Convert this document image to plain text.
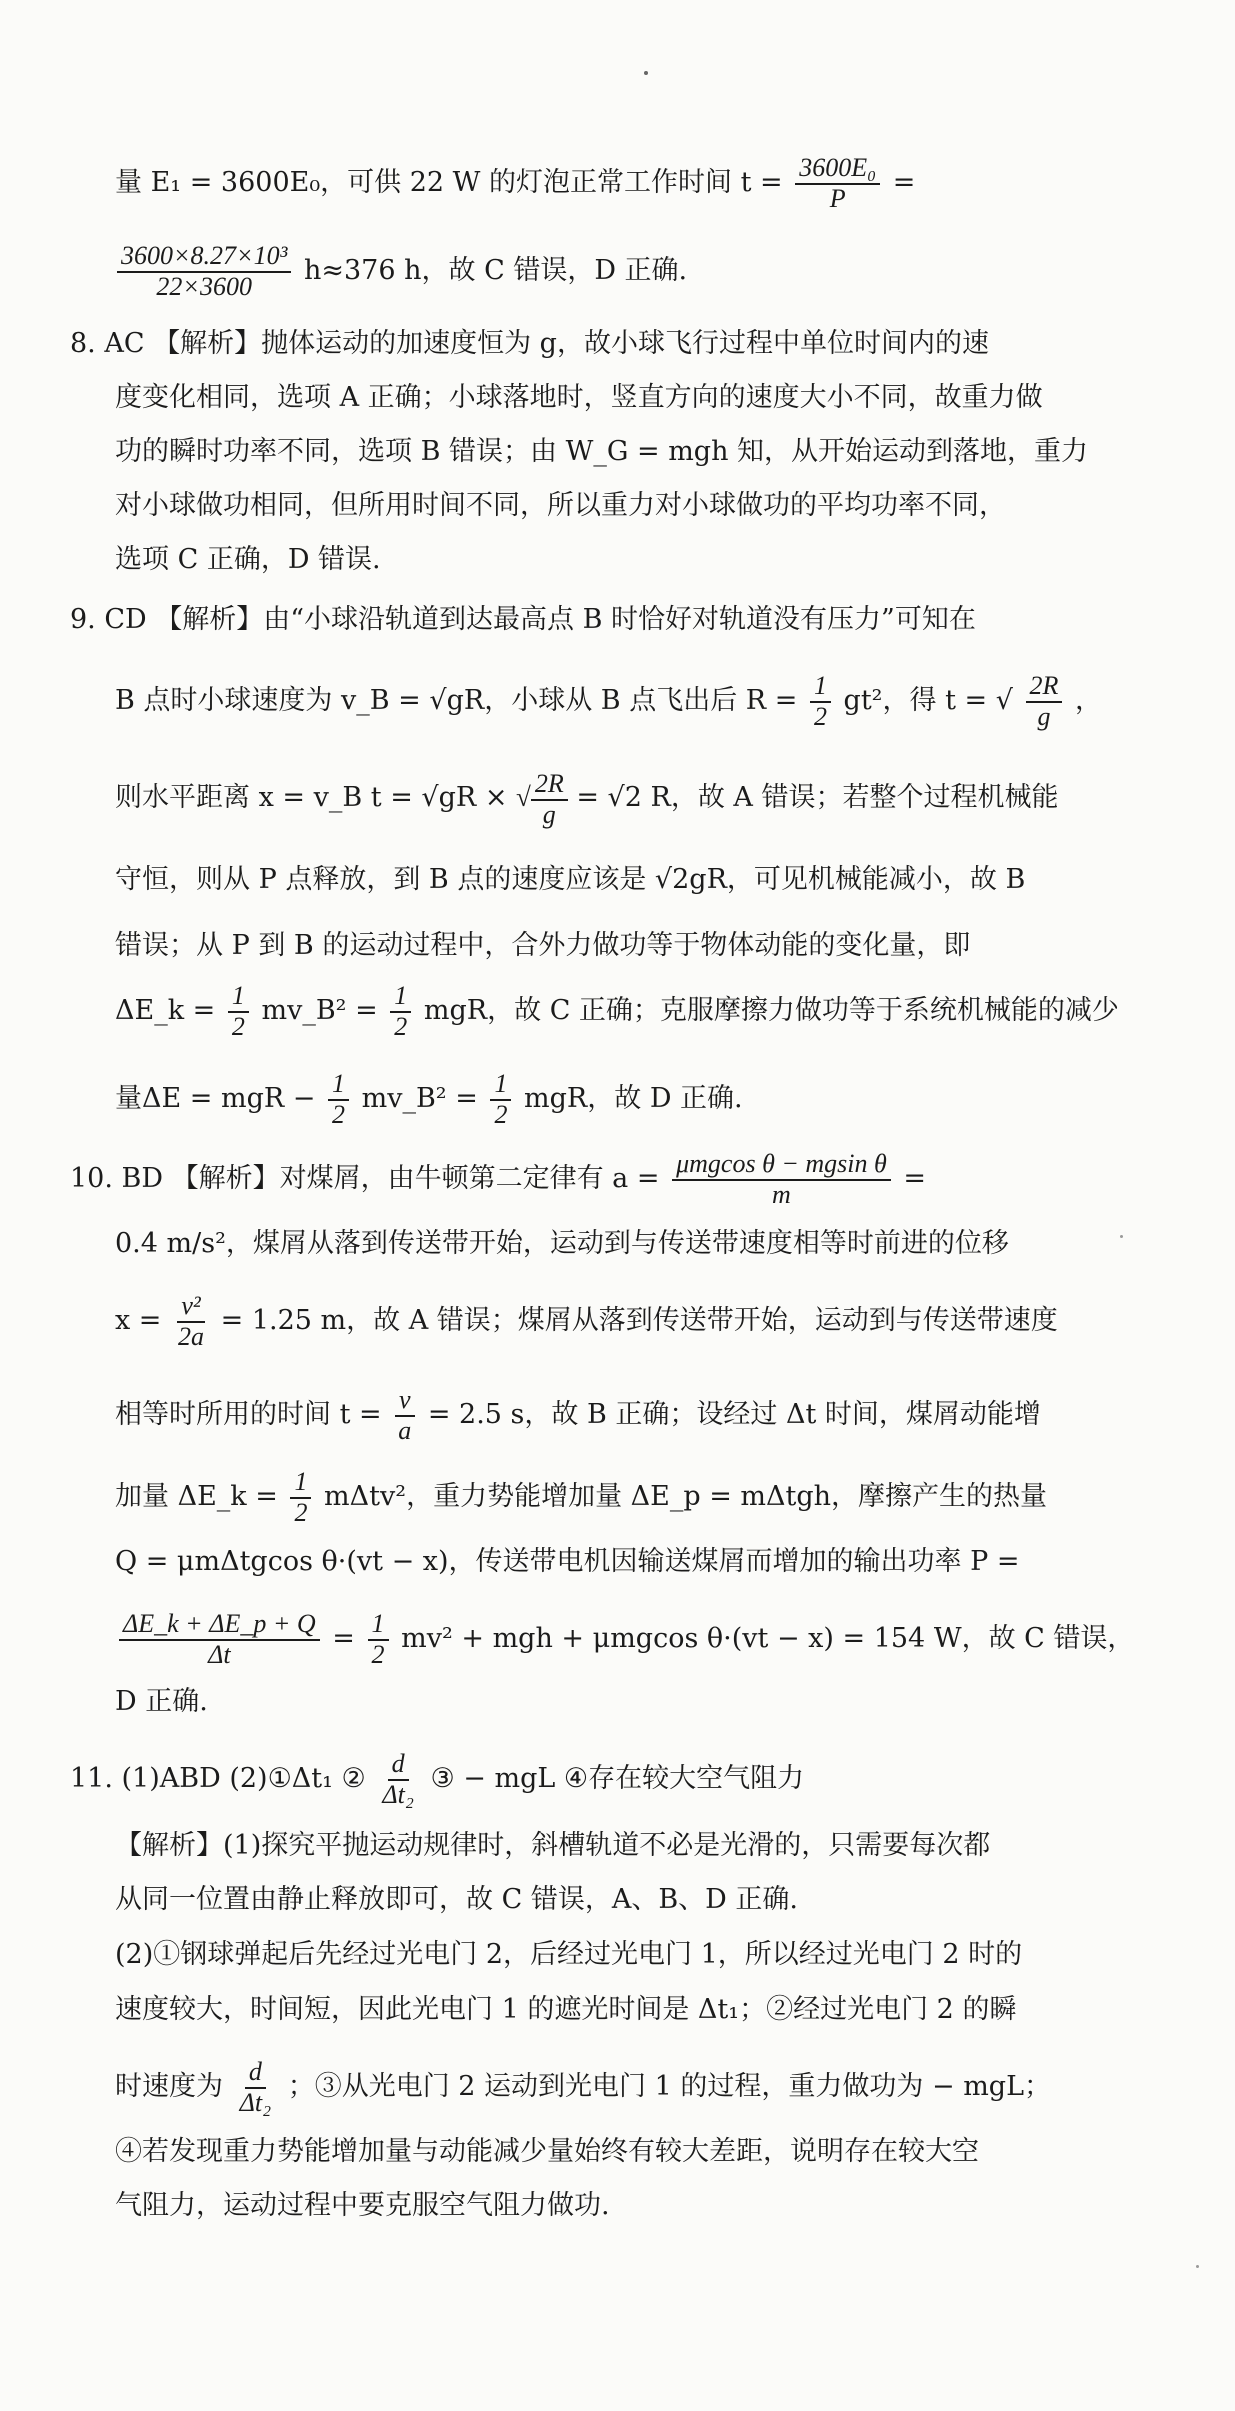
量 E₁ = 3600E₀，可供 22 W 的灯泡正常工作时间 $t = \frac{\text{3600E₀}}{P}$ =
$\frac{\text{3600×8.27×10³}}{22\times 3600} h\approx 376$ h，故 C 错误，D 正确.
8. AC 【解析】抛体运动的加速度恒为 g，故小球飞行过程中单位时间内的速
度变化相同，选项 A 正确；小球落地时，竖直方向的速度大小不同，故重力做
功的瞬时功率不同，选项 B 错误；由 W_G = mgh 知，从开始运动到落地，重力
对小球做功相同，但所用时间不同，所以重力对小球做功的平均功率不同，
选项 C 正确，D 错误.
9. CD 【解析】由“小球沿轨道到达最高点 B 时恰好对轨道没有压力”可知在
B 点时小球速度为 v_B = √gR，小球从 B 点飞出后 $R = \frac{1}{2} gt^2$，得 t = √ $\frac{2R}{g}$ ，
则水平距离 x = v_B t = √gR × √ $\frac{2R}{g} = √2$ R，故 A 错误；若整个过程机械能
守恒，则从 P 点释放，到 B 点的速度应该是 √2gR，可见机械能减小，故 B
错误；从 P 到 B 的运动过程中，合外力做功等于物体动能的变化量，即
ΔE_k = $\frac{1}{2}$ mv_B² = $\frac{1}{2}$ mgR，故 C 正确；克服摩擦力做功等于系统机械能的减少
量ΔE = mgR − $\frac{1}{2}$ mv_B² = $\frac{1}{2}$ mgR，故 D 正确.
10. BD 【解析】对煤屑，由牛顿第二定律有 $a = \frac{\text{μmgcos θ − mgsin θ}}{m}$ =
0.4 m/s²，煤屑从落到传送带开始，运动到与传送带速度相等时前进的位移
$x = \frac{\text{v²}}{2a} = 1.25$ m，故 A 错误；煤屑从落到传送带开始，运动到与传送带速度
相等时所用的时间 $t = \frac{v}{a} = 2.5$ s，故 B 正确；设经过 Δt 时间，煤屑动能增
加量 ΔE_k = $\frac{1}{2} m\Delta tv^2$，重力势能增加量 ΔE_p = mΔtgh，摩擦产生的热量
Q = μmΔtgcos θ·(vt − x)，传送带电机因输送煤屑而增加的输出功率 P =
$\frac{\Delta E\_k + \Delta E\_p + Q}{\Delta t} = \frac{1}{2} mv^2$ + mgh + μmgcos θ·(vt − x) = 154 W，故 C 错误，
D 正确.
11. (1)ABD (2)①Δt₁ ② $\frac{d}{\text{Δt₂}}$ ③ − mgL ④存在较大空气阻力
【解析】(1)探究平抛运动规律时，斜槽轨道不必是光滑的，只需要每次都
从同一位置由静止释放即可，故 C 错误，A、B、D 正确.
(2)①钢球弹起后先经过光电门 2，后经过光电门 1，所以经过光电门 2 时的
速度较大，时间短，因此光电门 1 的遮光时间是 Δt₁；②经过光电门 2 的瞬
时速度为 $\frac{d}{\text{Δt₂}}$ ；③从光电门 2 运动到光电门 1 的过程，重力做功为 − mgL；
④若发现重力势能增加量与动能减少量始终有较大差距，说明存在较大空
气阻力，运动过程中要克服空气阻力做功.
